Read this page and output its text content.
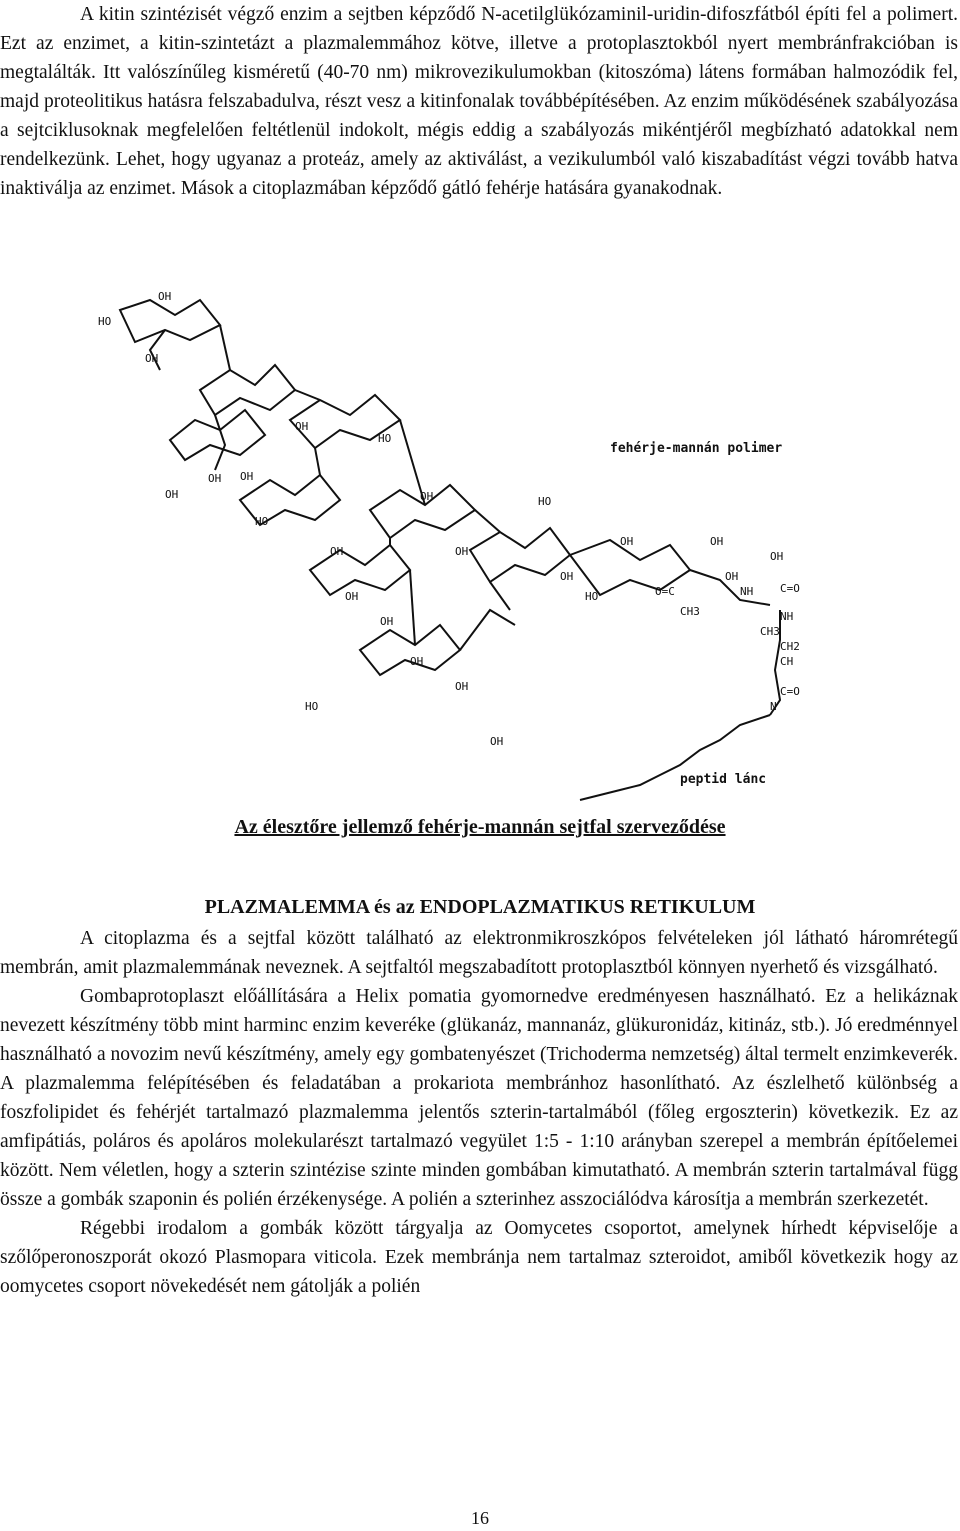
A kitin szintézisét végző enzim a sejtben képződő N-acetilglükózaminil-uridin-difoszfátból építi fel a polimert. Ezt az enzimet, a kitin-szintetázt a plazmalemmához kötve, illetve a protoplasztokból nyert membránfrakcióban is megtalálták. Itt valószínűleg kisméretű (40-70 nm) mikrovezikulumokban (kitoszóma) látens formában halmozódik fel, majd proteolitikus hatásra felszabadulva, részt vesz a kitinfonalak továbbépítésében. Az enzim működésének szabályozása a sejtciklusoknak megfelelően feltétlenül indokolt, mégis eddig a szabályozás mikéntjéről megbízható adatokkal nem rendelkezünk. Lehet, hogy ugyanaz a proteáz, amely az aktiválást, a vezikulumból való kiszabadítást végzi tovább hatva inaktiválja az enzimet. Mások a citoplazmában képződő gátló fehérje hatására gyanakodnak.

HO
OH
OH
OH
OH
OH
HO
OH
OH
OH
HO
OH
OH
HO
OH
OH
OH
HO
OH
OH
HO
OH
OH
OH
OH
O=C
CH3
C=O
CH3
CH2
NH
NH
CH
C=O
N
fehérje-mannán polimer
peptid lánc
Az élesztőre jellemző fehérje-mannán sejtfal szerveződése
PLAZMALEMMA és az ENDOPLAZMATIKUS RETIKULUM

A citoplazma és a sejtfal között található az elektronmikroszkópos felvételeken jól látható háromrétegű membrán, amit plazmalemmának neveznek. A sejtfaltól megszabadított protoplasztból könnyen nyerhető és vizsgálható.

Gombaprotoplaszt előállítására a Helix pomatia gyomornedve eredményesen használható. Ez a helikáznak nevezett készítmény több mint harminc enzim keveréke (glükanáz, mannanáz, glükuronidáz, kitináz, stb.). Jó eredménnyel használható a novozim nevű készítmény, amely egy gombatenyészet (Trichoderma nemzetség) által termelt enzimkeverék. A plazmalemma felépítésében és feladatában a prokariota membránhoz hasonlítható. Az észlelhető különbség a foszfolipidet és fehérjét tartalmazó plazmalemma jelentős szterin-tartalmából (főleg ergoszterin) következik. Ez az amfipátiás, poláros és apoláros molekularészt tartalmazó vegyület 1:5 - 1:10 arányban szerepel a membrán építőelemei között. Nem véletlen, hogy a szterin szintézise szinte minden gombában kimutatható. A membrán szterin tartalmával függ össze a gombák szaponin és polién érzékenysége. A polién a szterinhez asszociálódva károsítja a membrán szerkezetét.

Régebbi irodalom a gombák között tárgyalja az Oomycetes csoportot, amelynek hírhedt képviselője a szőlőperonoszporát okozó Plasmopara viticola. Ezek membránja nem tartalmaz szteroidot, amiből következik hogy az oomycetes csoport növekedését nem gátolják a polién

16
